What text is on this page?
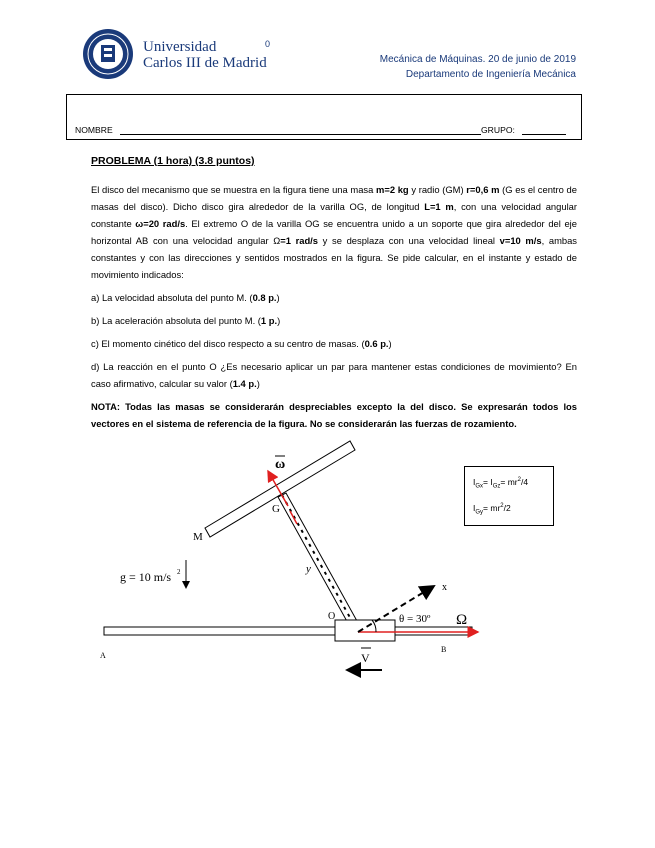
Universidad
Carlos III de Madrid
0
Mecánica de Máquinas. 20 de junio de 2019
Departamento de Ingeniería Mecánica
NOMBRE	GRUPO:
PROBLEMA (1 hora) (3.8 puntos)
El disco del mecanismo que se muestra en la figura tiene una masa m=2 kg y radio (GM) r=0,6 m (G es el centro de masas del disco). Dicho disco gira alrededor de la varilla OG, de longitud L=1 m, con una velocidad angular constante ω=20 rad/s. El extremo O de la varilla OG se encuentra unido a un soporte que gira alrededor del eje horizontal AB con una velocidad angular Ω=1 rad/s y se desplaza con una velocidad lineal v=10 m/s, ambas constantes y con las direcciones y sentidos mostrados en la figura. Se pide calcular, en el instante y estado de movimiento indicados:
a) La velocidad absoluta del punto M. (0.8 p.)
b) La aceleración absoluta del punto M. (1 p.)
c) El momento cinético del disco respecto a su centro de masas. (0.6 p.)
d) La reacción en el punto O ¿Es necesario aplicar un par para mantener estas condiciones de movimiento? En caso afirmativo, calcular su valor (1.4 p.)
NOTA: Todas las masas se considerarán despreciables excepto la del disco. Se expresarán todos los vectores en el sistema de referencia de la figura. No se considerarán las fuerzas de rozamiento.
$I_{Gx}= I_{Gz}= mr^2/4$
$I_{Gy}= mr^2/2$
ω
G
M
y
x
O
g = 10 m/s 2
θ = 30º Ω
A
B
V
